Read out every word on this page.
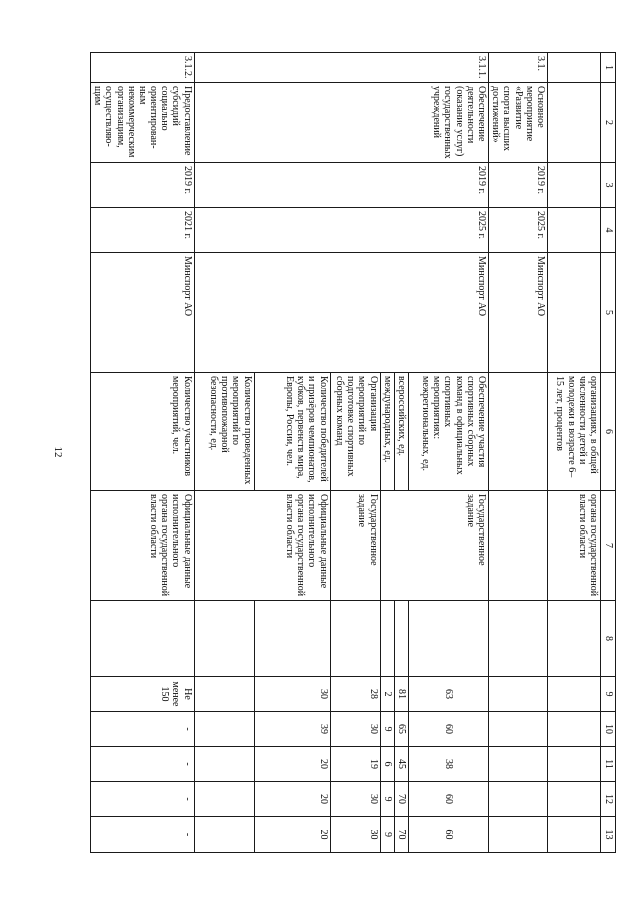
12
1	2	3	4	5	6	7	8	9	10	11	12	13
					организациях, в общей численности детей и молодежи в возрасте 6–15 лет, процентов	органа государственной власти области						
3.1.	Основное мероприятие «Развитие спорта высших достижений»	2019 г.	2025 г.	Минспорт АО								
3.1.1.	Обеспечение деятельности (оказание услуг) государственных учреждений	2019 г.	2025 г.	Минспорт АО	Обеспечение участия спортивных сборных команд в официальных спортивных мероприятиях: межрегиональных, ед.	Государственное задание		63	60	38	60	60
					всероссийских, ед.			81	65	45	70	70
					международных, ед.			2	9	6	9	9
					Организация мероприятий по подготовке спортивных сборных команд	Государственное задание		28	30	19	30	30
					Количество победителей и призёров чемпионатов, кубков, первенств мира, Европы, России, чел.	Официальные данные исполнительного органа государственной власти области		30	39	20	20	20
					Количество проведенных мероприятий по противопожарной безопасности, ед.							
3.1.2.	Предоставление субсидий социально ориентирован-ным некоммерческим организациям, осуществляю-щим	2019 г.	2021 г.	Минспорт АО	Количество участников мероприятий, чел.	Официальные данные исполнительного органа государственной власти области		Не менее 150	-	-	-	-
